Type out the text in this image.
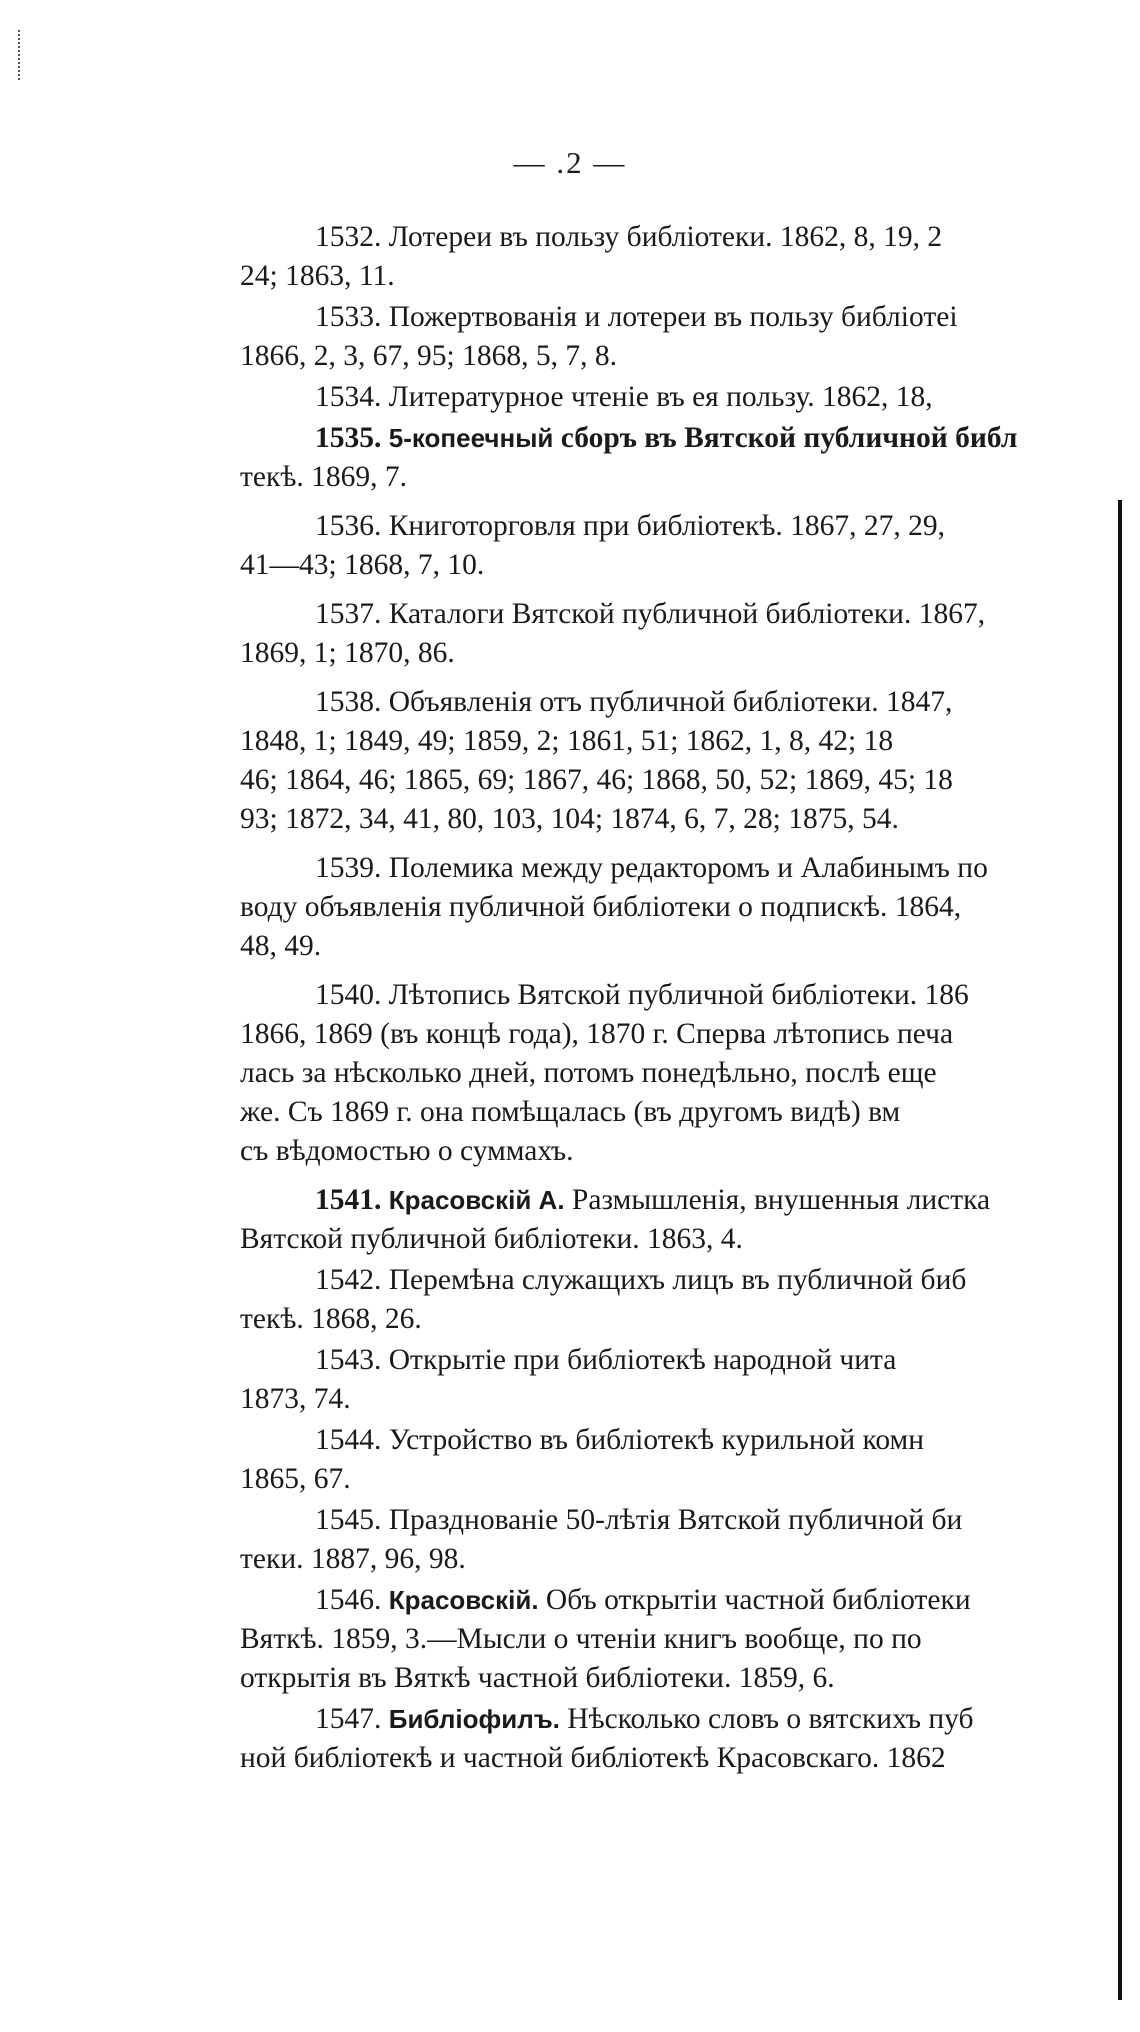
— .2 —
1532. Лотереи въ пользу библіотеки. 1862, 8, 19, 2
24; 1863, 11.
1533. Пожертвованія и лотереи въ пользу библіотеі
1866, 2, 3, 67, 95; 1868, 5, 7, 8.
1534. Литературное чтеніе въ ея пользу. 1862, 18,
1535. 5-копеечный сборъ въ Вятской публичной библ
текѣ. 1869, 7.
1536. Книготорговля при библіотекѣ. 1867, 27, 29,
41—43; 1868, 7, 10.
1537. Каталоги Вятской публичной библіотеки. 1867,
1869, 1; 1870, 86.
1538. Объявленія отъ публичной библіотеки. 1847,
1848, 1; 1849, 49; 1859, 2; 1861, 51; 1862, 1, 8, 42; 18
46; 1864, 46; 1865, 69; 1867, 46; 1868, 50, 52; 1869, 45; 18
93; 1872, 34, 41, 80, 103, 104; 1874, 6, 7, 28; 1875, 54.
1539. Полемика между редакторомъ и Алабинымъ по
воду объявленія публичной библіотеки о подпискѣ. 1864,
48, 49.
1540. Лѣтопись Вятской публичной библіотеки. 186
1866, 1869 (въ концѣ года), 1870 г. Сперва лѣтопись печа
лась за нѣсколько дней, потомъ понедѣльно, послѣ еще
же. Съ 1869 г. она помѣщалась (въ другомъ видѣ) вм
съ вѣдомостью о суммахъ.
1541. Красовскій А. Размышленія, внушенныя листка
Вятской публичной библіотеки. 1863, 4.
1542. Перемѣна служащихъ лицъ въ публичной биб
текѣ. 1868, 26.
1543. Открытіе при библіотекѣ народной чита
1873, 74.
1544. Устройство въ библіотекѣ курильной комн
1865, 67.
1545. Празднованіе 50-лѣтія Вятской публичной би
теки. 1887, 96, 98.
1546. Красовскій. Объ открытіи частной библіотеки
Вяткѣ. 1859, 3.—Мысли о чтеніи книгъ вообще, по по
открытія въ Вяткѣ частной библіотеки. 1859, 6.
1547. Библіофилъ. Нѣсколько словъ о вятскихъ пуб
ной библіотекѣ и частной библіотекѣ Красовскаго. 1862
